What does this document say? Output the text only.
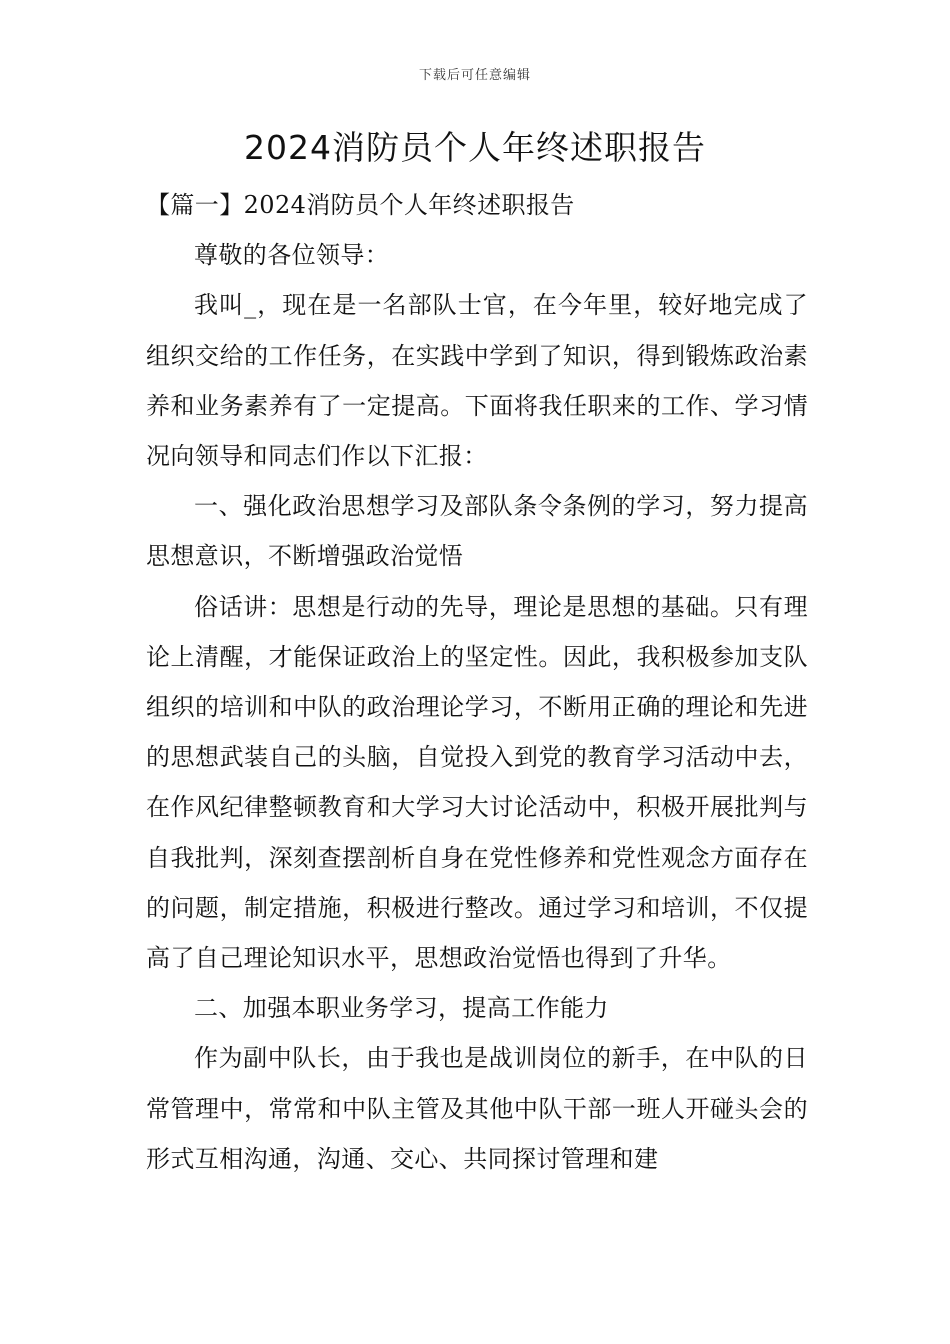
下载后可任意编辑
2024消防员个人年终述职报告

【篇一】2024消防员个人年终述职报告

尊敬的各位领导：

我叫_，现在是一名部队士官，在今年里，较好地完成了组织交给的工作任务，在实践中学到了知识，得到锻炼政治素养和业务素养有了一定提高。下面将我任职来的工作、学习情况向领导和同志们作以下汇报：

一、强化政治思想学习及部队条令条例的学习，努力提高思想意识，不断增强政治觉悟

俗话讲：思想是行动的先导，理论是思想的基础。只有理论上清醒，才能保证政治上的坚定性。因此，我积极参加支队组织的培训和中队的政治理论学习，不断用正确的理论和先进的思想武装自己的头脑，自觉投入到党的教育学习活动中去，在作风纪律整顿教育和大学习大讨论活动中，积极开展批判与自我批判，深刻查摆剖析自身在党性修养和党性观念方面存在的问题，制定措施，积极进行整改。通过学习和培训，不仅提高了自己理论知识水平，思想政治觉悟也得到了升华。

二、加强本职业务学习，提高工作能力

作为副中队长，由于我也是战训岗位的新手，在中队的日常管理中，常常和中队主管及其他中队干部一班人开碰头会的形式互相沟通，沟通、交心、共同探讨管理和建
